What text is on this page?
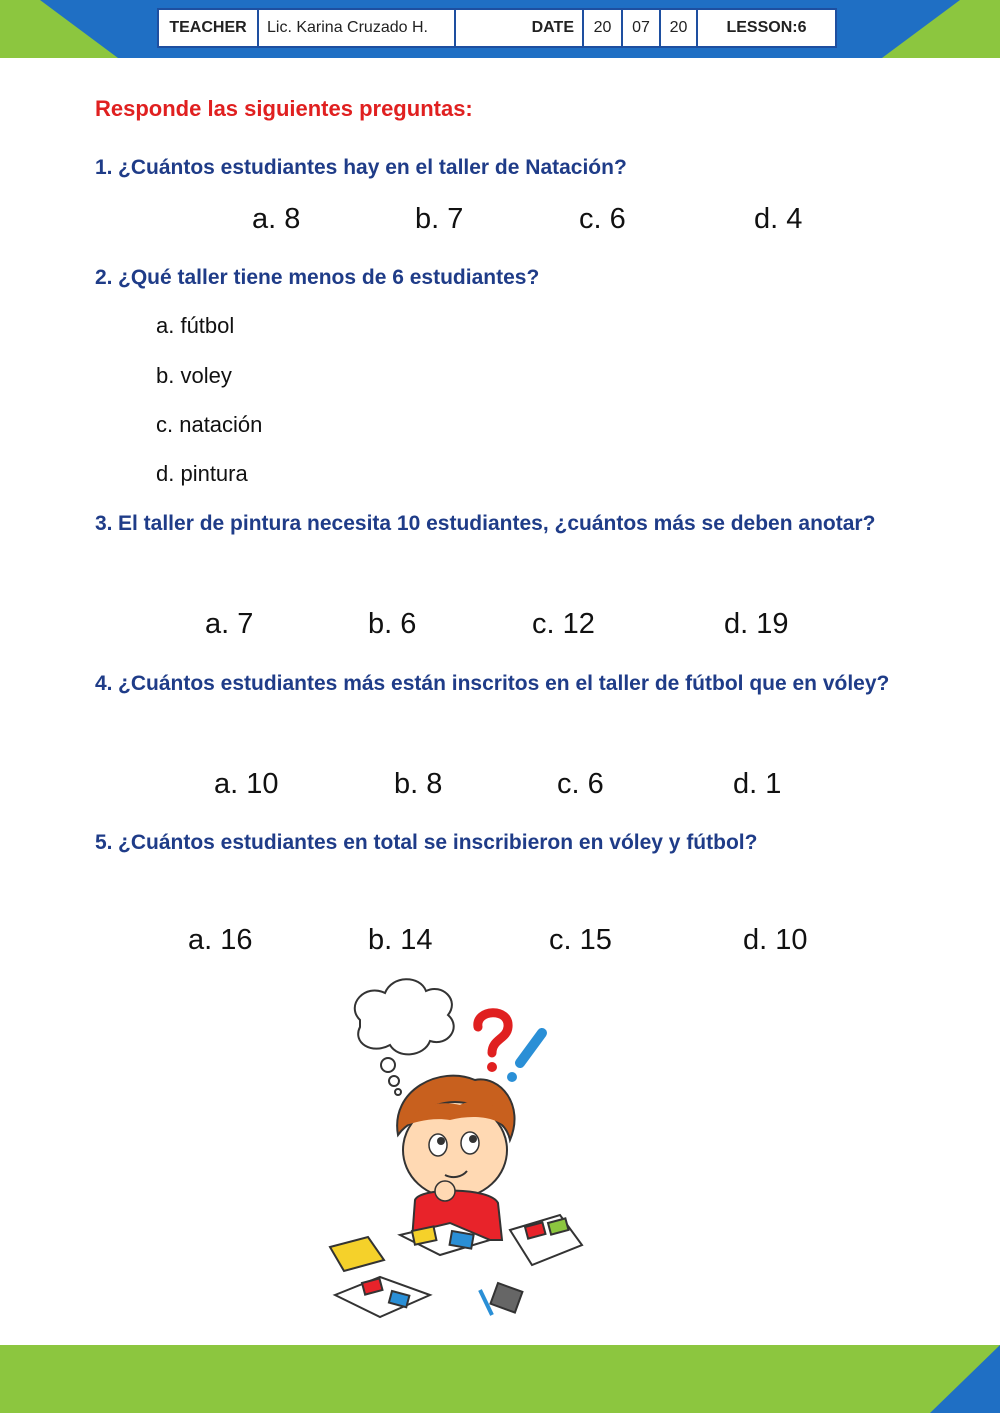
TEACHER	Lic. Karina Cruzado H.	DATE	20	07	20	LESSON:6
Responde las siguientes preguntas:
1. ¿Cuántos estudiantes hay en el taller de Natación?
a. 8	b. 7	c. 6	d. 4
2. ¿Qué taller tiene menos de 6 estudiantes?
a. fútbol
b. voley
c. natación
d. pintura
3. El taller de pintura necesita 10 estudiantes, ¿cuántos más se deben anotar?
a. 7	b. 6	c. 12	d. 19
4. ¿Cuántos estudiantes más están inscritos en el taller de fútbol que en vóley?
a. 10	b. 8	c. 6	d. 1
5. ¿Cuántos estudiantes en total se inscribieron en vóley y fútbol?
a. 16	b. 14	c. 15	d. 10
